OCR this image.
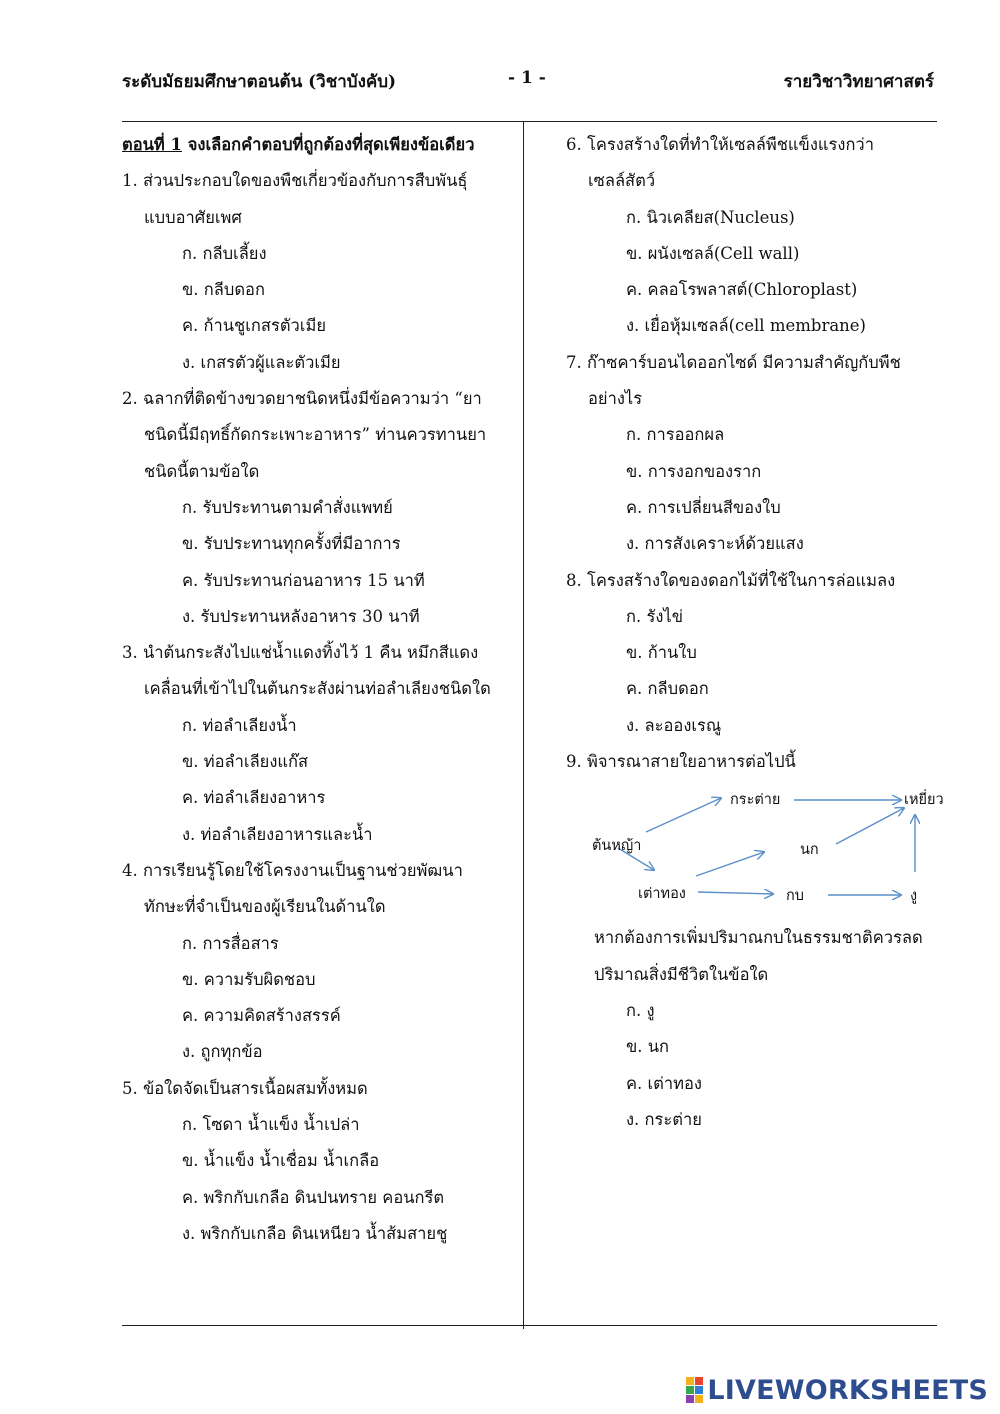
ระดับมัธยมศึกษาตอนต้น (วิชาบังคับ)	- 1 -	รายวิชาวิทยาศาสตร์
ตอนที่ 1 จงเลือกคำตอบที่ถูกต้องที่สุดเพียงข้อเดียว
1. ส่วนประกอบใดของพืชเกี่ยวข้องกับการสืบพันธุ์
แบบอาศัยเพศ
ก. กลีบเลี้ยง
ข. กลีบดอก
ค. ก้านชูเกสรตัวเมีย
ง. เกสรตัวผู้และตัวเมีย
2. ฉลากที่ติดข้างขวดยาชนิดหนึ่งมีข้อความว่า “ยา
ชนิดนี้มีฤทธิ์กัดกระเพาะอาหาร” ท่านควรทานยา
ชนิดนี้ตามข้อใด
ก. รับประทานตามคำสั่งแพทย์
ข. รับประทานทุกครั้งที่มีอาการ
ค. รับประทานก่อนอาหาร 15 นาที
ง. รับประทานหลังอาหาร 30 นาที
3. นำต้นกระสังไปแช่น้ำแดงทิ้งไว้ 1 คืน หมึกสีแดง
เคลื่อนที่เข้าไปในต้นกระสังผ่านท่อลำเลียงชนิดใด
ก. ท่อลำเลียงน้ำ
ข. ท่อลำเลียงแก๊ส
ค. ท่อลำเลียงอาหาร
ง. ท่อลำเลียงอาหารและน้ำ
4. การเรียนรู้โดยใช้โครงงานเป็นฐานช่วยพัฒนา
ทักษะที่จำเป็นของผู้เรียนในด้านใด
ก. การสื่อสาร
ข. ความรับผิดชอบ
ค. ความคิดสร้างสรรค์
ง. ถูกทุกข้อ
5. ข้อใดจัดเป็นสารเนื้อผสมทั้งหมด
ก. โซดา น้ำแข็ง น้ำเปล่า
ข. น้ำแข็ง น้ำเชื่อม น้ำเกลือ
ค. พริกกับเกลือ ดินปนทราย คอนกรีต
ง. พริกกับเกลือ ดินเหนียว น้ำส้มสายชู
6. โครงสร้างใดที่ทำให้เซลล์พืชแข็งแรงกว่า
เซลล์สัตว์
ก. นิวเคลียส(Nucleus)
ข. ผนังเซลล์(Cell wall)
ค. คลอโรพลาสต์(Chloroplast)
ง. เยื่อหุ้มเซลล์(cell membrane)
7. ก๊าซคาร์บอนไดออกไซด์ มีความสำคัญกับพืช
อย่างไร
ก. การออกผล
ข. การงอกของราก
ค. การเปลี่ยนสีของใบ
ง. การสังเคราะห์ด้วยแสง
8. โครงสร้างใดของดอกไม้ที่ใช้ในการล่อแมลง
ก. รังไข่
ข. ก้านใบ
ค. กลีบดอก
ง. ละอองเรณู
9. พิจารณาสายใยอาหารต่อไปนี้
กระต่าย	เหยี่ยว
ต้นหญ้า	นก
เต่าทอง	กบ	งู
หากต้องการเพิ่มปริมาณกบในธรรมชาติควรลด
ปริมาณสิ่งมีชีวิตในข้อใด
ก. งู
ข. นก
ค. เต่าทอง
ง. กระต่าย
LIVEWORKSHEETS
